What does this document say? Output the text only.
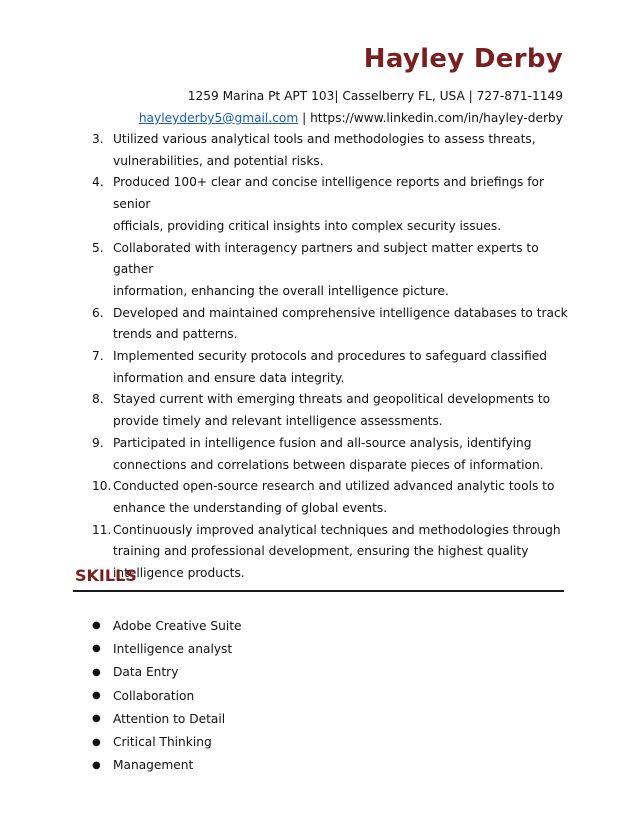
Hayley Derby
1259 Marina Pt APT 103| Casselberry FL, USA | 727-871-1149
hayleyderby5@gmail.com | https://www.linkedin.com/in/hayley-derby
3. Utilized various analytical tools and methodologies to assess threats,
vulnerabilities, and potential risks.
4. Produced 100+ clear and concise intelligence reports and briefings for senior
officials, providing critical insights into complex security issues.
5. Collaborated with interagency partners and subject matter experts to gather
information, enhancing the overall intelligence picture.
6. Developed and maintained comprehensive intelligence databases to track
trends and patterns.
7. Implemented security protocols and procedures to safeguard classified
information and ensure data integrity.
8. Stayed current with emerging threats and geopolitical developments to
provide timely and relevant intelligence assessments.
9. Participated in intelligence fusion and all-source analysis, identifying
connections and correlations between disparate pieces of information.
10. Conducted open-source research and utilized advanced analytic tools to
enhance the understanding of global events.
11. Continuously improved analytical techniques and methodologies through
training and professional development, ensuring the highest quality
intelligence products.
SKILLS
●	Adobe Creative Suite
●	Intelligence analyst
●	Data Entry
●	Collaboration
●	Attention to Detail
●	Critical Thinking
●	Management
